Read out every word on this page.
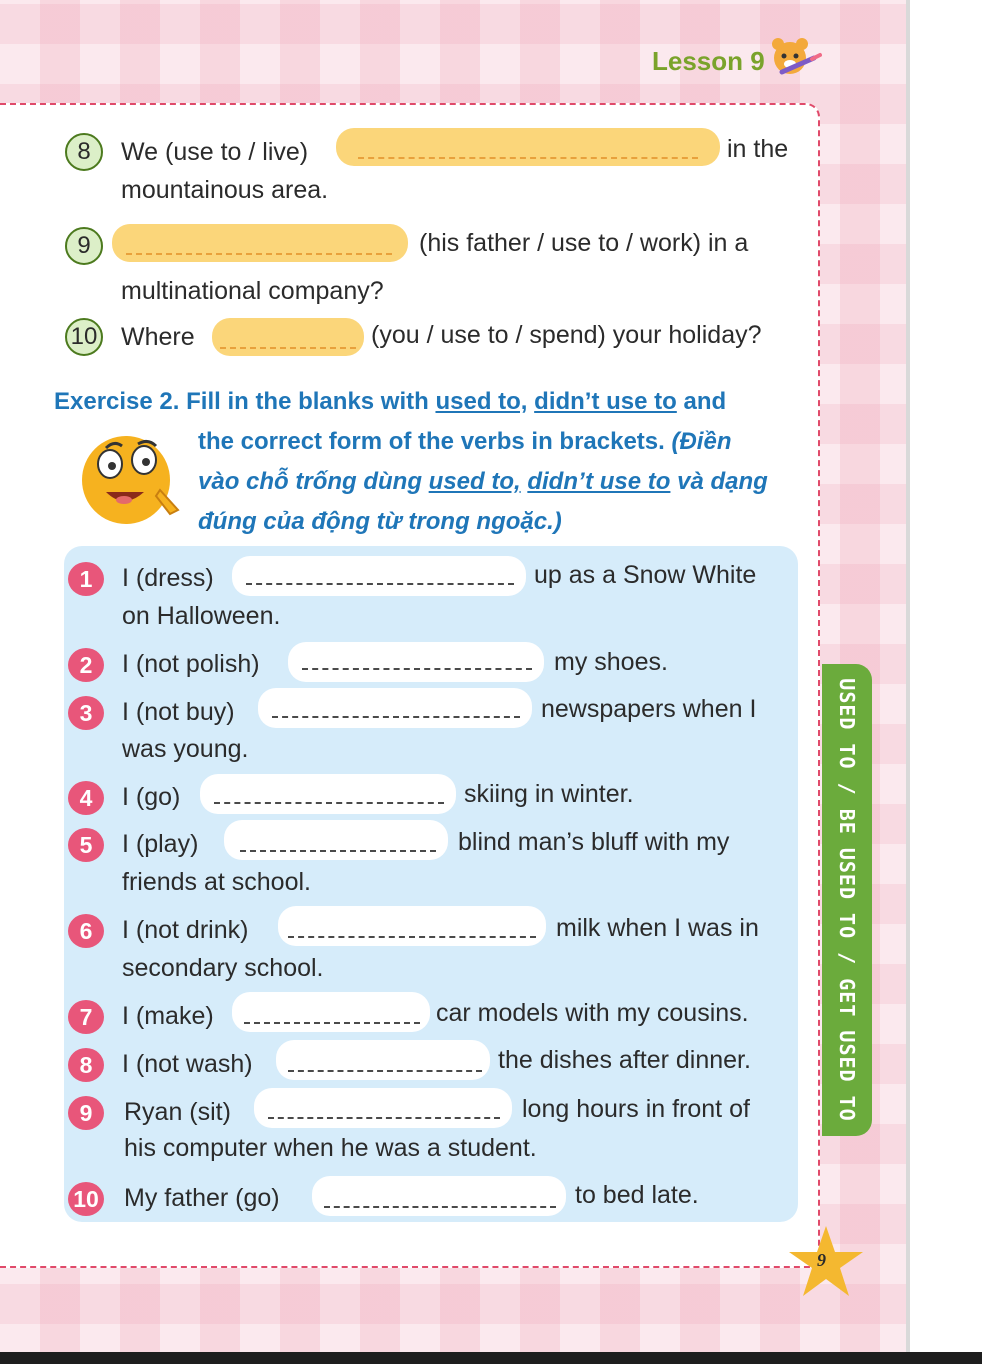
Lesson 9
8	We (use to / live)	in the
mountainous area.
9	(his father / use to / work) in a
multinational company?
10 Where	(you / use to / spend) your holiday?
Exercise 2. Fill in the blanks with used to, didn’t use to and
the correct form of the verbs in brackets. (Điền
vào chỗ trống dùng used to, didn’t use to và dạng
đúng của động từ trong ngoặc.)
1	I (dress)	up as a Snow White
on Halloween.
2	I (not polish)	my shoes.
3	I (not buy)	newspapers when I
was young.
4	I (go)	skiing in winter.
5	I (play)	blind man’s bluff with my
friends at school.
6	I (not drink)	milk when I was in
secondary school.
7	I (make)	car models with my cousins.
8	I (not wash)	the dishes after dinner.
9	Ryan (sit)	long hours in front of
his computer when he was a student.
10 My father (go)	to bed late.
USED TO / BE USED TO / GET USED TO
9
